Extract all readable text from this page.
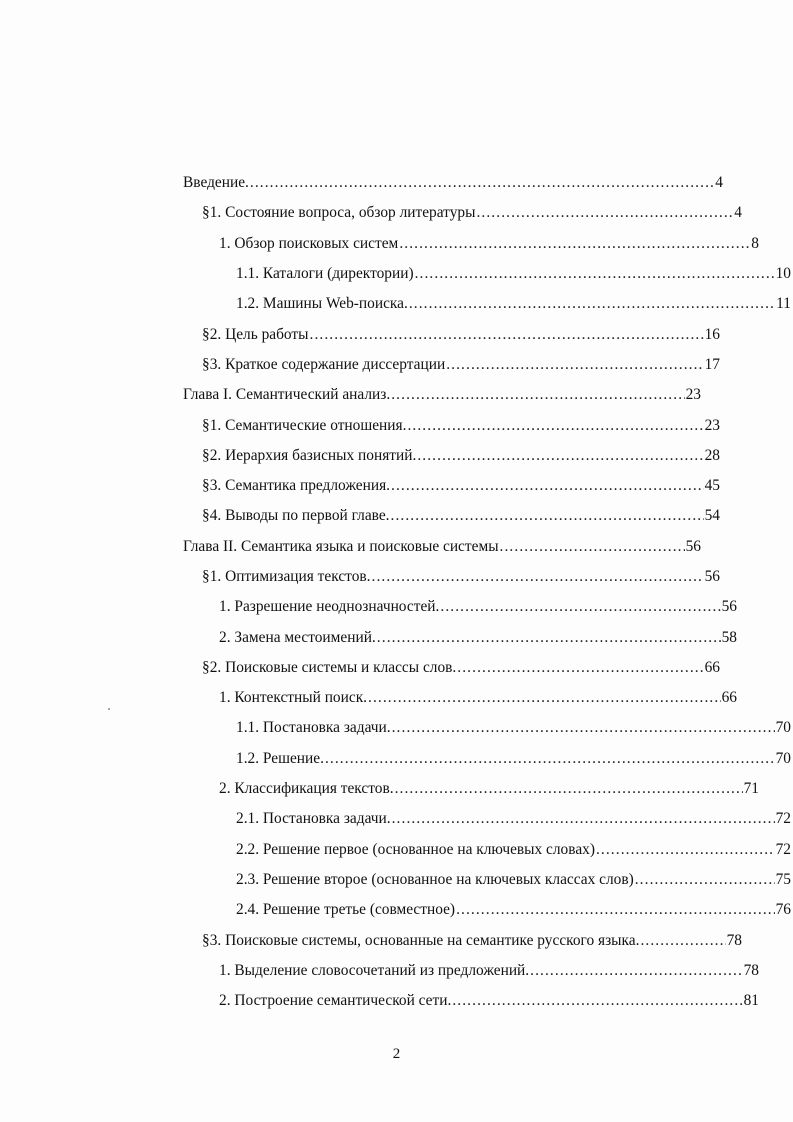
Введение. .....	4
§1. Состояние вопроса, обзор литературы .....	4
1. Обзор поисковых систем .....	8
1.1. Каталоги (директории) .....	10
1.2. Машины Web-поиска. .....	11
§2. Цель работы .....	16
§3. Краткое содержание диссертации .....	17
Глава I. Семантический анализ. .....	23
§1. Семантические отношения. .....	23
§2. Иерархия базисных понятий. .....	28
§3. Семантика предложения. .....	45
§4. Выводы по первой главе. .....	54
Глава II. Семантика языка и поисковые системы .....	56
§1. Оптимизация текстов. .....	56
1. Разрешение неоднозначностей. .....	56
2. Замена местоимений. .....	58
§2. Поисковые системы и классы слов. .....	66
1. Контекстный поиск. .....	66
1.1. Постановка задачи. .....	70
1.2. Решение. .....	70
2. Классификация текстов. .....	71
2.1. Постановка задачи. .....	72
2.2. Решение первое (основанное на ключевых словах) .....	72
2.3. Решение второе (основанное на ключевых классах слов) .....	75
2.4. Решение третье (совместное) .....	76
§3. Поисковые системы, основанные на семантике русского языка. .....	78
1. Выделение словосочетаний из предложений. .....	78
2. Построение семантической сети. .....	81
2
